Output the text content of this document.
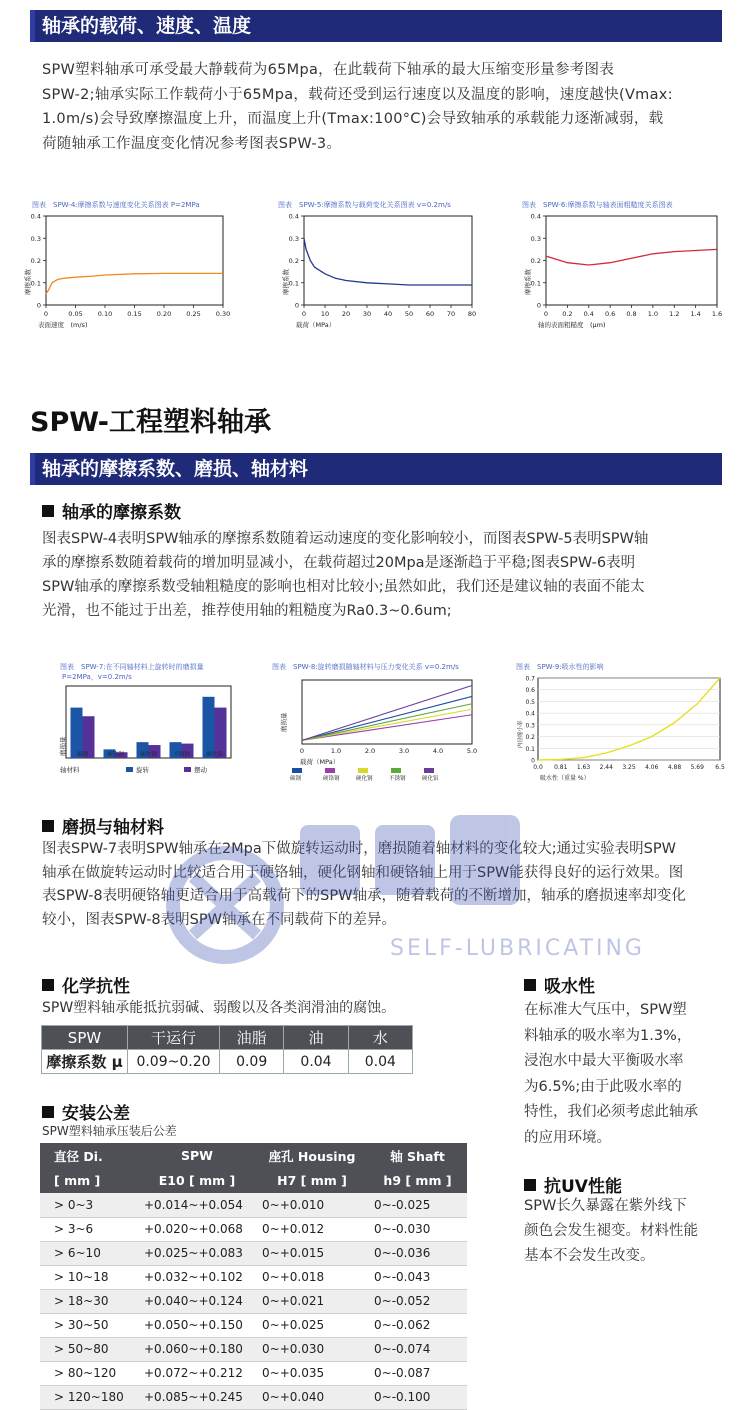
轴承的载荷、速度、温度
SPW塑料轴承可承受最大静载荷为65Mpa，在此载荷下轴承的最大压缩变形量参考图表
SPW-2;轴承实际工作载荷小于65Mpa，载荷还受到运行速度以及温度的影响，速度越快(Vmax:
1.0m/s)会导致摩擦温度上升，而温度上升(Tmax:100°C)会导致轴承的承载能力逐渐减弱，载
荷随轴承工作温度变化情况参考图表SPW-3。
图表　SPW-4:摩擦系数与速度变化关系图表 P=2MPa
0.4
0.3
0.2
0.1
0
0	0.05 0.10 0.15 0.20 0.25 0.30
摩擦系数
表面速度　(m/s)
图表　SPW-5:摩擦系数与载荷变化关系图表 v=0.2m/s
0.4
0.3
0.2
0.1
0
0 10 20 30 40 50 60 70 80
摩擦系数
载荷（MPa）
图表　SPW-6:摩擦系数与轴表面粗糙度关系图表
0.4
0.3
0.2
0.1
0
0 0.2 0.4 0.6 0.8 1.0 1.2 1.4 1.6
摩擦系数
轴的表面粗糙度　(μm)
SPW-工程塑料轴承
轴承的摩擦系数、磨损、轴材料
轴承的摩擦系数
图表SPW-4表明SPW轴承的摩擦系数随着运动速度的变化影响较小，而图表SPW-5表明SPW轴
承的摩擦系数随着载荷的增加明显减小，在载荷超过20Mpa是逐渐趋于平稳;图表SPW-6表明
SPW轴承的摩擦系数受轴粗糙度的影响也相对比较小;虽然如此，我们还是建议轴的表面不能太
光滑，也不能过于出差，推荐使用轴的粗糙度为Ra0.3~0.6um;
图表　SPW-7:在不同轴材料上旋转时的磨损量
P=2MPa，v=0.2m/s
碳钢	硬铬钢	硬化钢	不锈钢	硬化铝
磨损量
轴材料	旋转	摆动
图表　SPW-8:旋转磨损随轴材料与压力变化关系 v=0.2m/s
0	1.0	2.0	3.0	4.0	5.0
磨损量
载荷（MPa）
碳钢	硬铬钢	硬化钢	不锈钢	硬化铝
图表　SPW-9:吸水性的影响
0.7
0.6
0.5
0.4
0.3
0.2
0.1
0
0.0 0.81 1.63 2.44 3.25 4.06 4.88 5.69 6.5
内径缩小率
吸水性（重量 %）
磨损与轴材料
图表SPW-7表明SPW轴承在2Mpa下做旋转运动时，磨损随着轴材料的变化较大;通过实验表明SPW
轴承在做旋转运动时比较适合用于硬铬轴，硬化钢轴和硬铬轴上用于SPW能获得良好的运行效果。图
表SPW-8表明硬铬轴更适合用于高载荷下的SPW轴承，随着载荷的不断增加，轴承的磨损速率却变化
较小，图表SPW-8表明SPW轴承在不同载荷下的差异。
SELF-LUBRICATING
化学抗性
SPW塑料轴承能抵抗弱碱、弱酸以及各类润滑油的腐蚀。
SPW	干运行	油脂	油	水
摩擦系数 μ	0.09~0.20	0.09	0.04	0.04
安装公差
SPW塑料轴承压装后公差
直径 Di.	SPW	座孔 Housing	轴 Shaft
[ mm ]	E10 [ mm ]	H7 [ mm ]	h9 [ mm ]
> 0~3	+0.014~+0.054	0~+0.010	0~-0.025
> 3~6	+0.020~+0.068	0~+0.012	0~-0.030
> 6~10	+0.025~+0.083	0~+0.015	0~-0.036
> 10~18	+0.032~+0.102	0~+0.018	0~-0.043
> 18~30	+0.040~+0.124	0~+0.021	0~-0.052
> 30~50	+0.050~+0.150	0~+0.025	0~-0.062
> 50~80	+0.060~+0.180	0~+0.030	0~-0.074
> 80~120	+0.072~+0.212	0~+0.035	0~-0.087
> 120~180	+0.085~+0.245	0~+0.040	0~-0.100
吸水性
在标准大气压中，SPW塑
料轴承的吸水率为1.3%，
浸泡水中最大平衡吸水率
为6.5%;由于此吸水率的
特性，我们必须考虑此轴承
的应用环境。
抗UV性能
SPW长久暴露在紫外线下
颜色会发生褪变。材料性能
基本不会发生改变。
